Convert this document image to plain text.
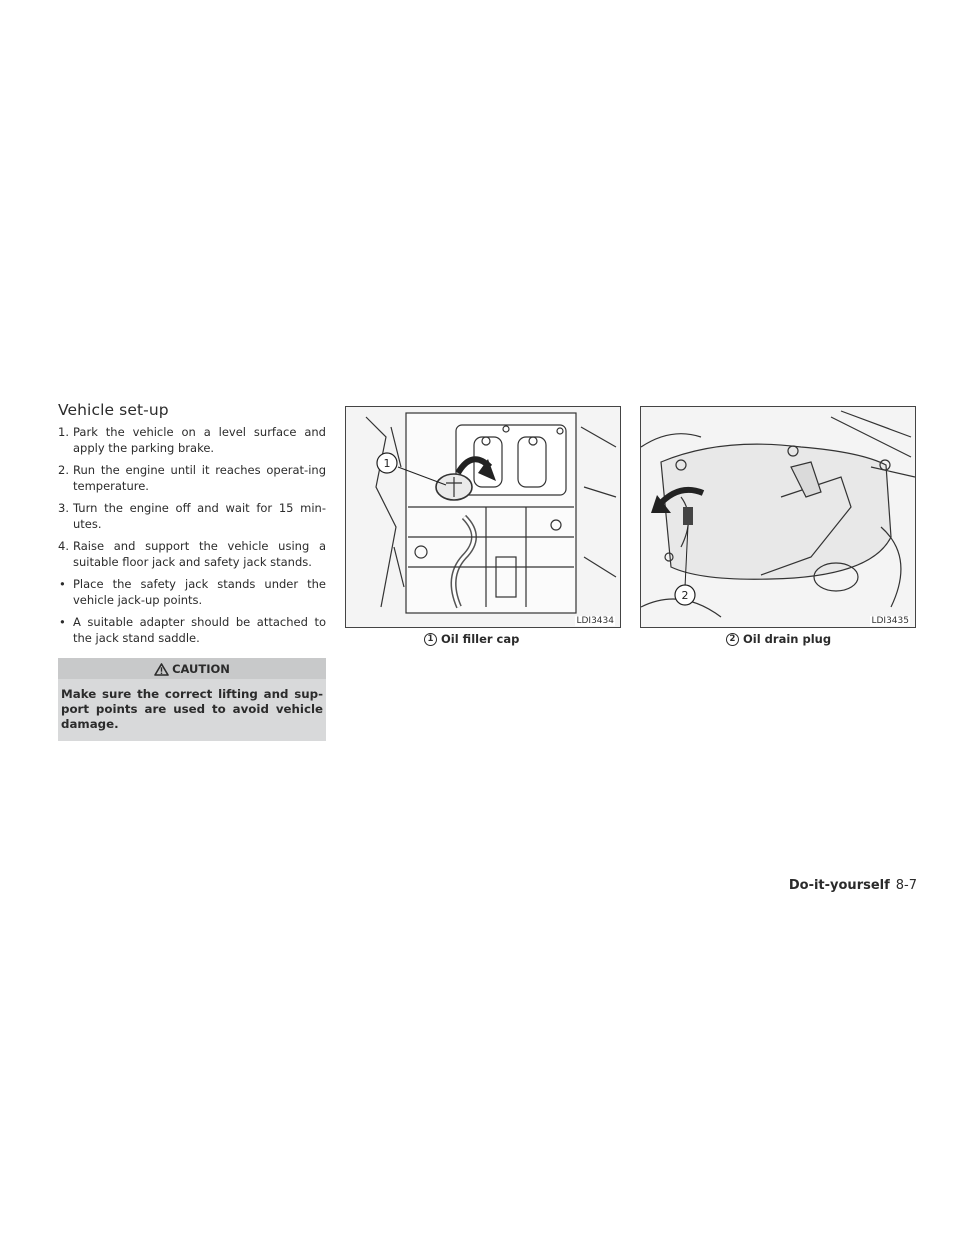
Vehicle set-up
1. Park the vehicle on a level surface and apply the parking brake.
2. Run the engine until it reaches operat-ing temperature.
3. Turn the engine off and wait for 15 min-utes.
4. Raise and support the vehicle using a suitable floor jack and safety jack stands.
• Place the safety jack stands under the vehicle jack-up points.
• A suitable adapter should be attached to the jack stand saddle.
CAUTION
Make sure the correct lifting and sup-port points are used to avoid vehicle damage.
1
LDI3434
1 Oil filler cap
2
LDI3435
2 Oil drain plug
Do-it-yourself 8-7
